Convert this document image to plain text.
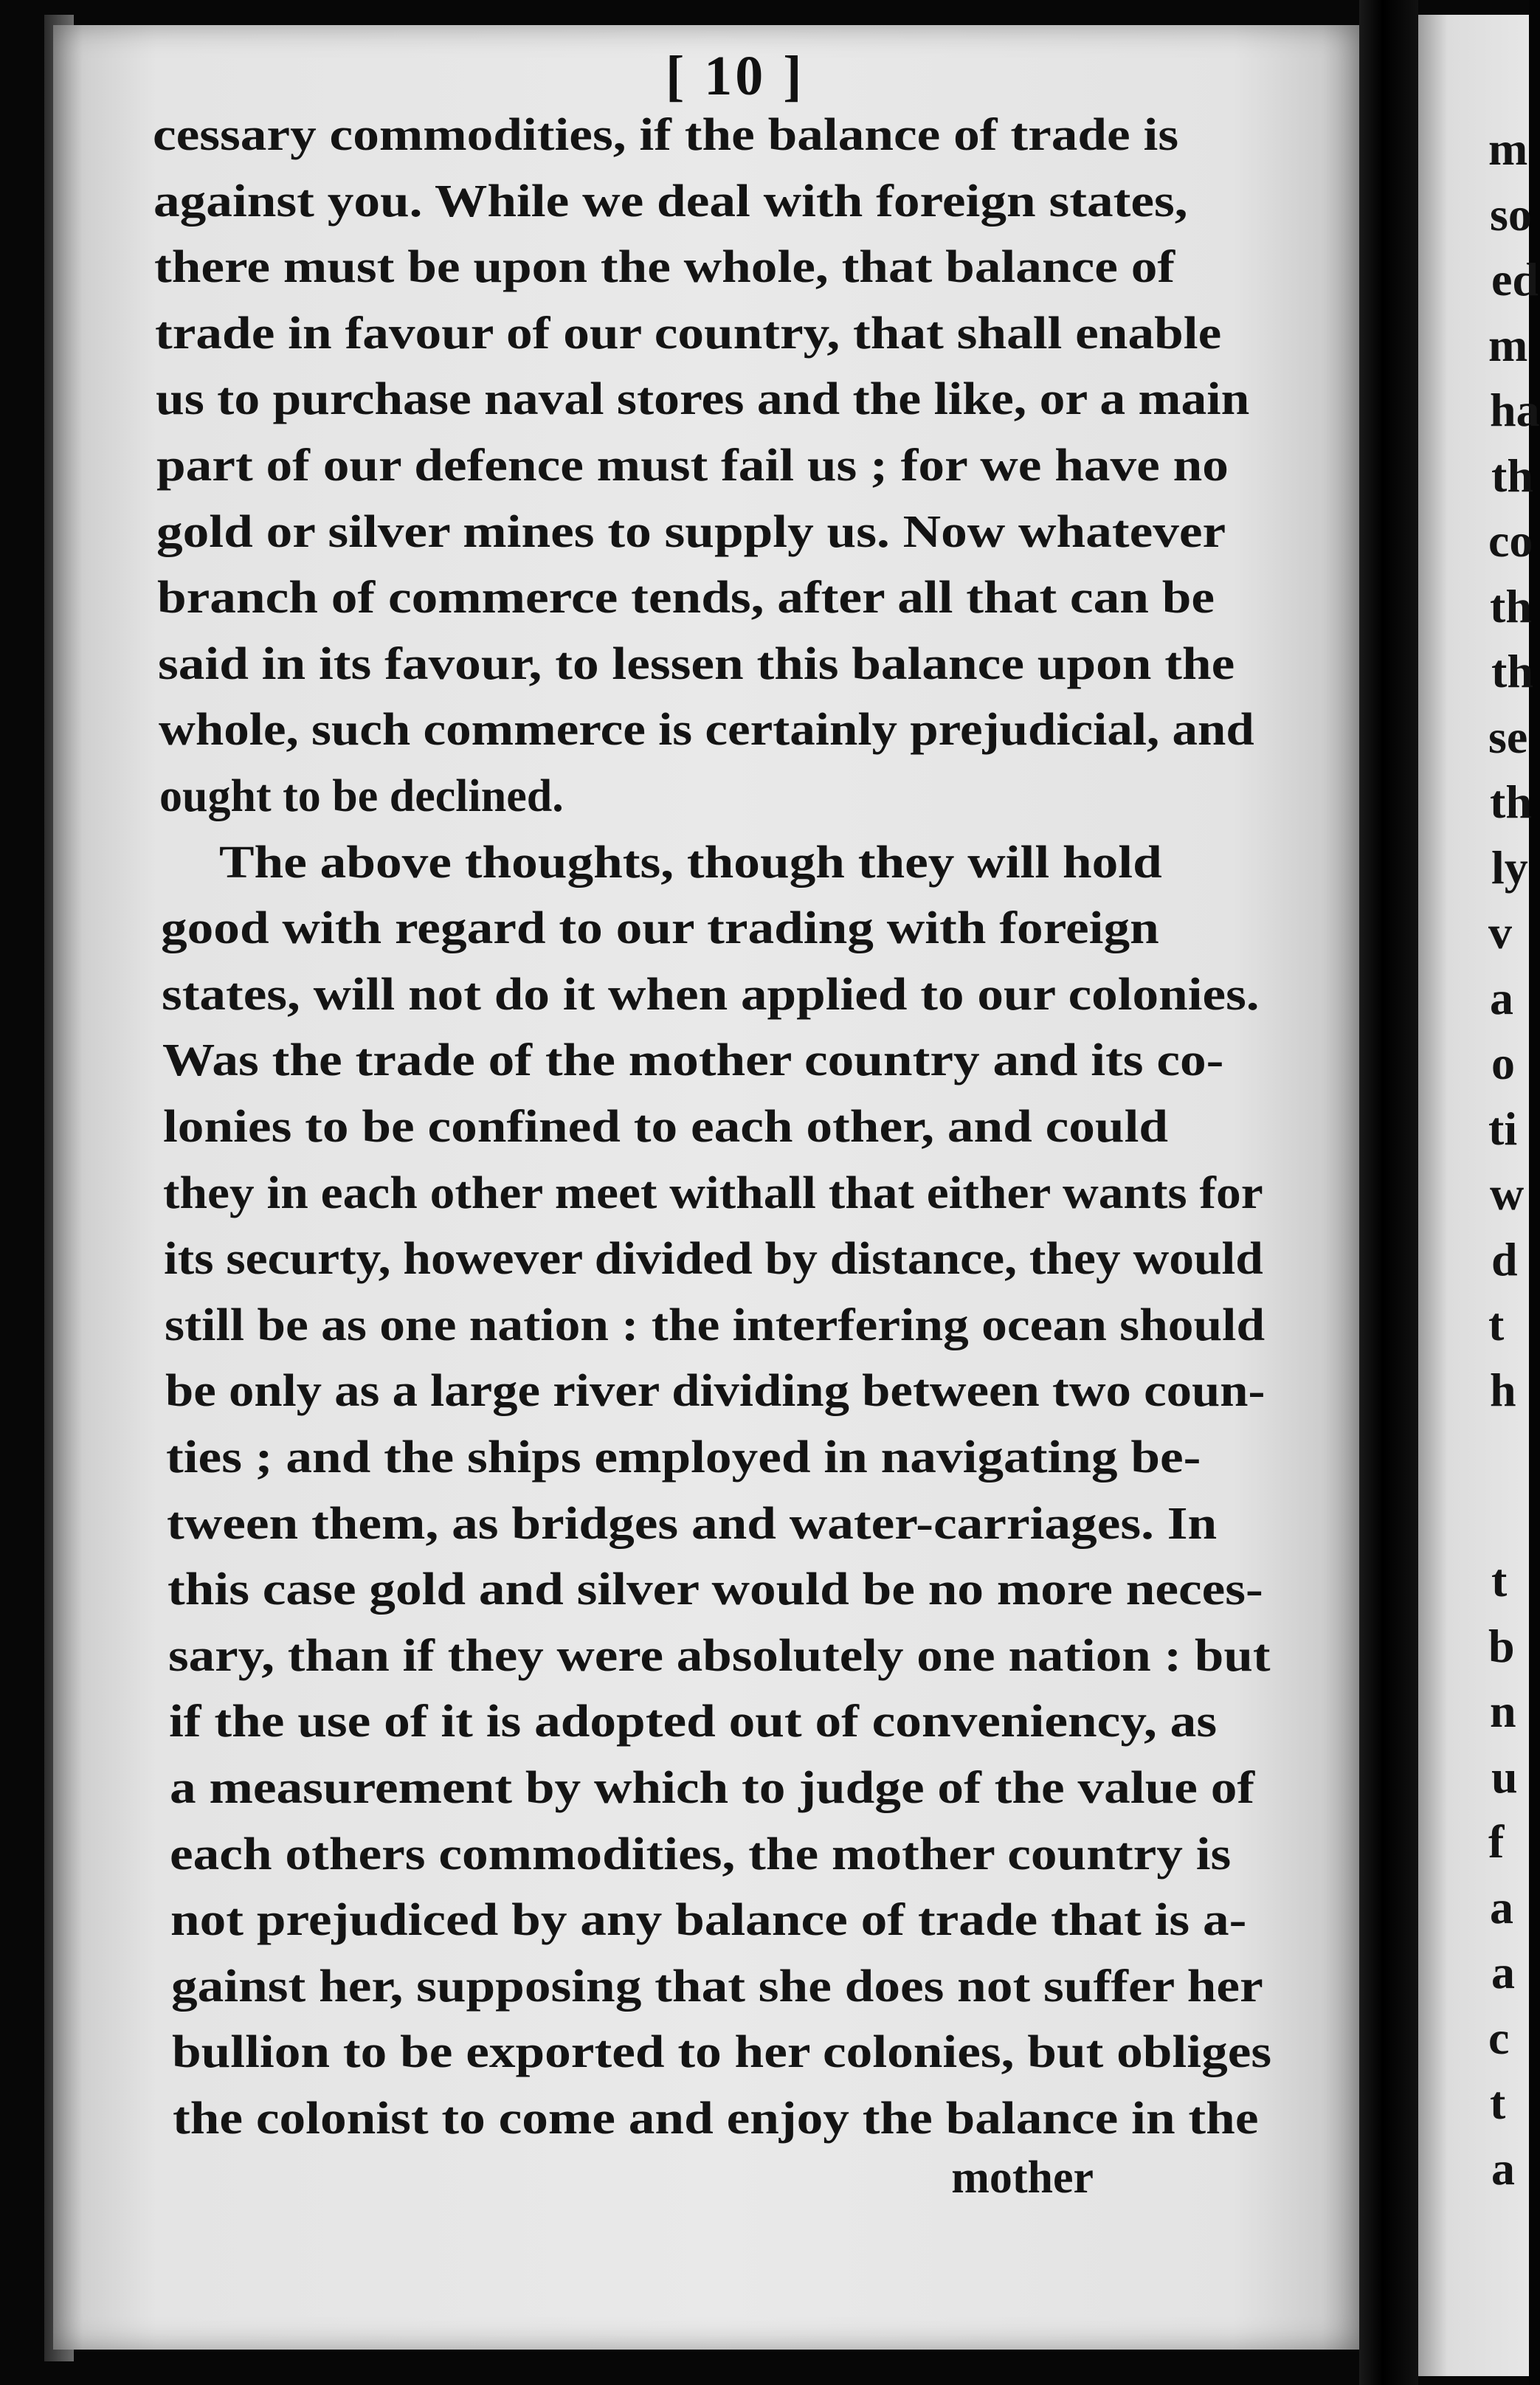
[ 10 ]
cessary commodities, if the balance of trade is
against you. While we deal with foreign states,
there must be upon the whole, that balance of
trade in favour of our country, that shall enable
us to purchase naval stores and the like, or a main
part of our defence must fail us ; for we have no
gold or silver mines to supply us. Now whatever
branch of commerce tends, after all that can be
said in its favour, to lessen this balance upon the
whole, such commerce is certainly prejudicial, and
ought to be declined.
The above thoughts, though they will hold
good with regard to our trading with foreign
states, will not do it when applied to our colonies.
Was the trade of the mother country and its co-
lonies to be confined to each other, and could
they in each other meet withall that either wants for
its securty, however divided by distance, they would
still be as one nation : the interfering ocean should
be only as a large river dividing between two coun-
ties ; and the ships employed in navigating be-
tween them, as bridges and water-carriages. In
this case gold and silver would be no more neces-
sary, than if they were absolutely one nation : but
if the use of it is adopted out of conveniency, as
a measurement by which to judge of the value of
each others commodities, the mother country is
not prejudiced by any balance of trade that is a-
gainst her, supposing that she does not suffer her
bullion to be exported to her colonies, but obliges
the colonist to come and enjoy the balance in the
mother
m
so
ed
m
ha
th
co
th
th
se
th
ly
v
a
o
ti
w
d
t
h
t
b
n
u
f
a
a
c
t
a
